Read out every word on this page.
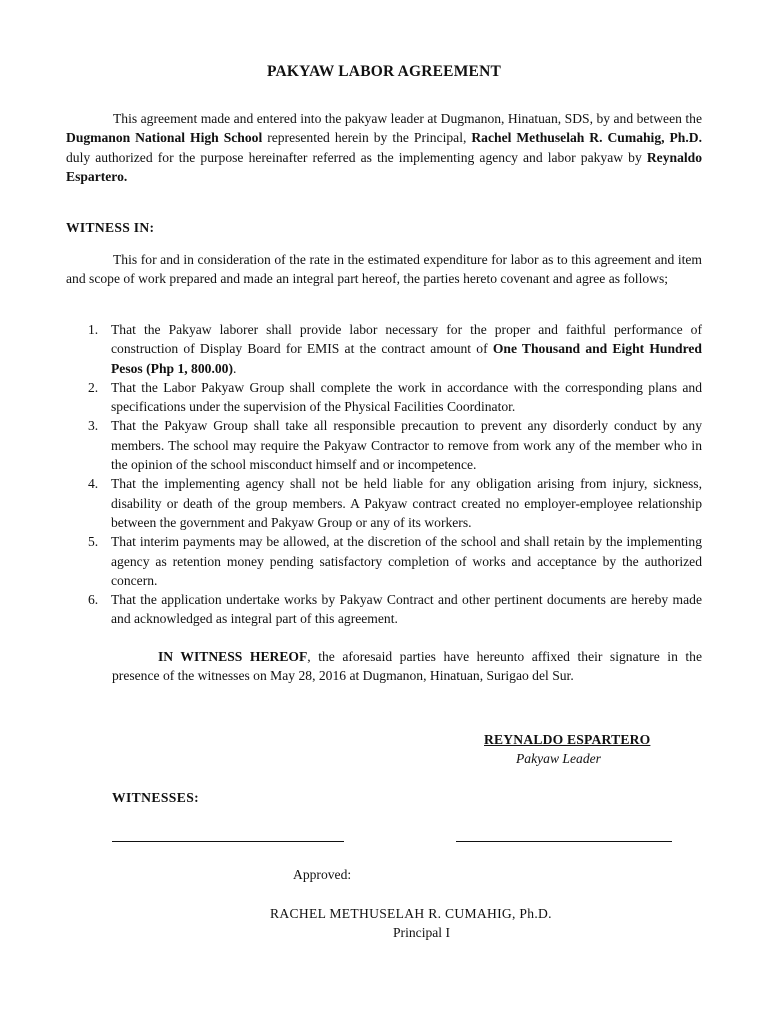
PAKYAW LABOR AGREEMENT
This agreement made and entered into the pakyaw leader at Dugmanon, Hinatuan, SDS, by and between the Dugmanon National High School represented herein by the Principal, Rachel Methuselah R. Cumahig, Ph.D. duly authorized for the purpose hereinafter referred as the implementing agency and labor pakyaw by Reynaldo Espartero.
WITNESS IN:
This for and in consideration of the rate in the estimated expenditure for labor as to this agreement and item and scope of work prepared and made an integral part hereof, the parties hereto covenant and agree as follows;
1. That the Pakyaw laborer shall provide labor necessary for the proper and faithful performance of construction of Display Board for EMIS at the contract amount of One Thousand and Eight Hundred Pesos (Php 1, 800.00).
2. That the Labor Pakyaw Group shall complete the work in accordance with the corresponding plans and specifications under the supervision of the Physical Facilities Coordinator.
3. That the Pakyaw Group shall take all responsible precaution to prevent any disorderly conduct by any members. The school may require the Pakyaw Contractor to remove from work any of the member who in the opinion of the school misconduct himself and or incompetence.
4. That the implementing agency shall not be held liable for any obligation arising from injury, sickness, disability or death of the group members. A Pakyaw contract created no employer-employee relationship between the government and Pakyaw Group or any of its workers.
5. That interim payments may be allowed, at the discretion of the school and shall retain by the implementing agency as retention money pending satisfactory completion of works and acceptance by the authorized concern.
6. That the application undertake works by Pakyaw Contract and other pertinent documents are hereby made and acknowledged as integral part of this agreement.
IN WITNESS HEREOF, the aforesaid parties have hereunto affixed their signature in the presence of the witnesses on May 28, 2016 at Dugmanon, Hinatuan, Surigao del Sur.
REYNALDO ESPARTERO
Pakyaw Leader
WITNESSES:
Approved:
RACHEL METHUSELAH R. CUMAHIG, Ph.D.
Principal I
